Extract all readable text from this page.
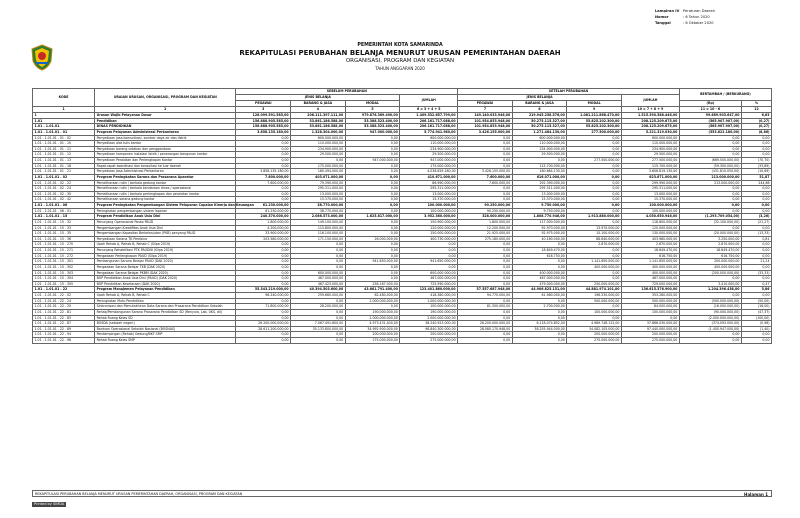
Lampiran IV	Peraturan Daerah
Nomor	: 6 Tahun 2020
Tanggal	: 6 Oktober 2020
PEMERINTAH KOTA SAMARINDA
REKAPITULASI PERUBAHAN BELANJA MENURUT URUSAN PEMERINTAHAN DAERAH
ORGANISASI, PROGRAM DAN KEGIATAN
TAHUN ANGGARAN 2020
KODE	URAIAN URUSAN, ORGANISASI, PROGRAM DAN KEGIATAN	SEBELUM PERUBAHAN				SETELAH PERUBAHAN				BERTAMBAH / (BERKURANG)	
		JENIS BELANJA			JUMLAH	JENIS BELANJA			JUMLAH		
		PEGAWAI	BARANG & JASA	MODAL		PEGAWAI	BARANG & JASA	MODAL		(Rp)	%
1	2	3	4	5	6 = 3 + 4 + 5	7	8	9	10 = 7 + 8 + 9	11 = 10 - 6	12
1	Urusan Wajib Pelayanan Dasar	128.099.591.585,00	206.111.397.111,00	979.876.369.490,00	1.409.532.657.799,00	149.140.033.946,00	219.945.258.576,00	1.081.211.868.470,00	1.515.390.588.446,00	99.689.903.647,00	6,63
1.01	Pendidikan	156.888.905.585,00	53.861.186.588,00	53.388.523.400,00	206.161.717.088,00	101.954.853.948,00	50.275.115.327,00	55.825.202.300,00	208.125.209.675,00	(565.907.907,00)	(0,27)
1.01 . 1.01.01	DINAS PENDIDIKAN	156.888.905.585,00	53.861.186.588,00	53.388.523.400,00	206.161.717.088,00	101.954.853.948,00	50.275.115.327,00	55.825.202.300,00	208.125.209.675,00	(565.907.907,00)	(0,27)
1.01 . 1.01.01 . 01	Program Pelayanan Administrasi Perkantoran	3.858.135.180,00	1.328.304.000,00	947.000.000,00	5.774.941.980,00	3.426.155.000,00	1.271.464.130,00	277.500.000,00	5.221.319.030,00	(553.622.180,00)	(8,86)
1.01 . 1.01.01 . 01 . 02	Penyediaan jasa komunikasi, sumber daya air dan listrik	0,00	600.000.000,00	0,00	600.000.000,00	0,00	600.000.000,00	0,00	600.000.000,00	0,00	0,00
1.01 . 1.01.01 . 01 . 10	Penyediaan alat tulis kantor	0,00	110.000.000,00	0,00	110.000.000,00	0,00	110.000.000,00	0,00	110.000.000,00	0,00	0,00
1.01 . 1.01.01 . 01 . 11	Penyediaan barang cetakan dan penggandaan	0,00	234.900.000,00	0,00	234.900.000,00	0,00	234.900.000,00	0,00	234.900.000,00	0,00	0,00
1.01 . 1.01.01 . 01 . 12	Penyediaan komponen instalasi listrik / penerangan bangunan kantor	0,00	29.500.000,00	0,00	29.500.000,00	0,00	29.500.000,00	0,00	29.500.000,00	0,00	0,00
1.01 . 1.01.01 . 01 . 13	Penyediaan Peralatan dan Perlengkapan Kantor	0,00	0,00	947.000.000,00	947.000.000,00	0,00	0,00	277.500.000,00	277.500.000,00	(669.500.000,00)	(70,70)
1.01 . 1.01.01 . 01 . 18	Rapat-rapat koordinasi dan konsultasi ke luar daerah	0,00	175.000.000,00	0,00	175.000.000,00	0,00	115.700.000,00	0,00	115.700.000,00	(59.300.000,00)	(33,89)
1.01 . 1.01.01 . 01 . 21	Penyediaan Jasa Administrasi Perkantoran	3.858.135.180,00	180.494.000,00	0,00	4.038.629.180,00	3.426.155.000,00	180.664.130,00	0,00	3.606.819.130,00	(431.810.050,00)	(10,69)
1.01 . 1.01.01 . 02	Program Peningkatan Sarana dan Prasarana Aparatur	7.600.000,00	403.071.000,00	0,00	410.671.000,00	7.600.000,00	616.071.000,00	0,00	623.671.000,00	213.000.000,00	51,87
1.01 . 1.01.01 . 02 . 22	Pemeliharaan rutin / berkala gedung kantor	7.600.000,00	79.390.000,00	0,00	86.990.000,00	7.600.000,00	292.390.000,00	0,00	299.990.000,00	213.000.000,00	244,86
1.01 . 1.01.01 . 02 . 24	Pemeliharaan rutin / berkala kendaraan dinas / operasional	0,00	295.311.000,00	0,00	295.311.000,00	0,00	295.311.000,00	0,00	295.311.000,00	0,00	0,00
1.01 . 1.01.01 . 02 . 30	Pemeliharaan rutin / berkala perlengkapan dan peralatan kantor	0,00	13.000.000,00	0,00	13.000.000,00	0,00	13.000.000,00	0,00	13.000.000,00	0,00	0,00
1.01 . 1.01.01 . 02 . 42	Pemeliharaan sarana gedung kantor	0,00	15.370.000,00	0,00	15.370.000,00	0,00	15.370.000,00	0,00	15.370.000,00	0,00	0,00
1.01 . 1.01.01 . 06	Program Peningkatan Pengembangan Sistem Pelaporan Capaian Kinerja dan Keuangan	61.230.000,00	38.770.000,00	0,00	100.000.000,00	90.250.000,00	9.750.000,00	0,00	100.000.000,00	0,00	0,00
1.01 . 1.01.01 . 06 . 01	Peningkatan pengembangan sistem laporan	61.230.000,00	38.770.000,00	0,00	100.000.000,00	90.250.000,00	9.750.000,00	0,00	100.000.000,00	0,00	0,00
1.01 . 1.01.01 . 15	Program Pendidikan Anak Usia Dini	240.370.000,00	2.086.573.000,00	1.625.817.000,00	3.952.360.000,00	328.000.000,00	1.808.770.946,00	1.913.880.000,00	4.050.650.946,00	(1.293.709.054,00)	(3,26)
1.01 . 1.01.01 . 15 . 32	Penunjang Operasional Posko PAUD	1.800.000,00	149.100.000,00	0,00	150.900.000,00	1.800.000,00	117.000.000,00	0,00	118.800.000,00	(32.100.000,00)	(21,27)
1.01 . 1.01.01 . 15 . 33	Pengembangan Kreatifitas Anak Usia Dini	4.200.000,00	115.800.000,00	0,00	120.000.000,00	12.200.000,00	92.970.000,00	13.970.000,00	120.000.000,00	0,00	0,00
1.01 . 1.01.01 . 15 . 35	Pengembangan Kapasitas Berkelanjutan (PKB) penyang PAUD	33.900.000,00	116.100.000,00	0,00	150.000.000,00	21.925.000,00	92.975.000,00	15.100.000,00	130.000.000,00	(20.000.000,00)	(13,33)
1.01 . 1.01.01 . 15 . 36	Penyediaan Sarana TK Pembina	203.580.000,00	171.150.000,00	26.000.000,00	400.730.000,00	275.180.000,00	40.160.000,00	88.640.000,00	403.980.000,00	3.250.000,00	0,81
1.01 . 1.01.01 . 15 . 270	Upah Rehab A, Rehab B, Rehab C (Silpa 2019)	0,00	0,00	0,00	0,00	0,00	0,00	2.670.000,00	2.670.000,00	2.670.000,00	0,00
1.01 . 1.01.01 . 15 . 271	Penunjang Rehabilitasi PTK PAUDNI (Silpa 2019)	0,00	0,00	0,00	0,00	0,00	18.849.470,00	0,00	18.849.470,00	18.849.470,00	0,00
1.01 . 1.01.01 . 15 . 272	Pengadaan Perlengkapan PAUD (Silpa 2019)	0,00	0,00	0,00	0,00	0,00	616.750,00	0,00	616.750,00	616.750,00	0,00
1.01 . 1.01.01 . 15 . 301	Pembangunan Sarana Belajar PAUD (DAK 2020)	0,00	0,00	941.650.000,00	941.650.000,00	0,00	0,00	1.141.650.000,00	1.141.650.000,00	200.000.000,00	21,24
1.01 . 1.01.01 . 15 . 302	Pengadaan Sarana Belajar TKB (DAK 2020)	0,00	0,00	0,00	0,00	0,00	0,00	400.000.000,00	400.000.000,00	400.000.000,00	0,00
1.01 . 1.01.01 . 15 . 303	Pengadaan Sarana Belajar PKBM (DAK 2020)	0,00	600.000.000,00	0,00	600.000.000,00	0,00	400.000.000,00	0,00	400.000.000,00	(200.000.000,00)	(33,33)
1.01 . 1.01.01 . 15 . 304	BOP Pendidikan Anak Usia Dini (PAUD) (DAK 2020)	0,00	467.000.000,00	0,00	467.000.000,00	0,00	467.000.000,00	0,00	467.000.000,00	0,00	0,00
1.01 . 1.01.01 . 15 . 305	BOP Pendidikan Kesetaraan (DAK 2020)	0,00	467.423.000,00	258.167.000,00	725.590.000,00	0,00	479.000.000,00	250.000.000,00	729.000.000,00	3.410.000,00	0,47
1.01 . 1.01.01 . 22	Program Manajemen Pelayanan Pendidikan	55.343.219.000,00	40.394.503.600,00	43.661.791.400,00	123.401.860.000,00	57.557.687.948,00	44.906.825.151,00	44.881.974.101,00	136.615.376.900,00	1.204.396.438,00	5,86
1.01 . 1.01.01 . 22 . 02	Upah Rehab A, Rehab B, Rehab C	96.240.000,00	259.660.000,00	62.480.000,00	418.380.000,00	94.770.000,00	61.980.000,00	196.530.000,00	353.280.000,00	0,00	0,00
1.01 . 1.01.01 . 22 . 24	Peningkatan Mutu Pendidikan	0,00	0,00	1.000.000.000,00	1.000.000.000,00	0,00	0,00	500.000.000,00	500.000.000,00	(500.000.000,00)	(50,00)
1.01 . 1.01.01 . 22 . 25	Sinkronisasi dan Pemutakhiran Data Sarana dan Prasarana Pendidikan Sekolah	71.800.000,00	28.200.000,00	0,00	100.000.000,00	81.300.000,00	2.700.000,00	0,00	84.000.000,00	(16.000.000,00)	(16,00)
1.01 . 1.01.01 . 22 . 81	Rehab/Pembangunan Sarana Prasarana Pendidikan SD (Renyula, Lab, UKS, dll)	0,00	0,00	190.000.000,00	190.000.000,00	0,00	0,00	100.000.000,00	100.000.000,00	(90.000.000,00)	(47,37)
1.01 . 1.01.01 . 22 . 83	Rehab Ruang Kelas SD	0,00	0,00	2.000.000.000,00	2.000.000.000,00	0,00	0,00	0,00	0,00	(2.000.000.000,00)	(100,00)
1.01 . 1.01.01 . 22 . 87	BOSDA (sekolah negeri)	26.200.000.000,00	7.067.491.600,00	4.973.431.400,00	38.240.923.000,00	26.200.000.000,00	6.118.074.852,00	4.989.748.122,00	37.866.030.000,00	(374.093.000,00)	(0,98)
1.01 . 1.01.01 . 22 . 89	Bantuan Operasional Sekolah Nasional (BOSNAS)	28.611.200.000,00	35.133.800.000,00	34.992.900.000,00	98.840.300.000,00	28.080.170.948,00	38.255.944.000,00	34.082.105.000,00	97.440.000.000,00	(1.400.947.000,00)	(1,40)
1.01 . 1.01.01 . 22 . 94	Pendampingan (Rehab) Gedung/BKF SMP	0,00	0,00	200.000.000,00	200.000.000,00	0,00	0,00	200.000.000,00	200.000.000,00	0,00	0,00
1.01 . 1.01.01 . 22 . 96	Rehab Ruang Kelas SMP	0,00	0,00	275.000.000,00	275.000.000,00	0,00	0,00	275.000.000,00	275.000.000,00	0,00	0,00
REKAPITULASI PERUBAHAN BELANJA MENURUT URUSAN PEMERINTAHAN DAERAH, ORGANISASI, PROGRAM DAN KEGIATAN	Halaman 1
Printed by SIMDA
